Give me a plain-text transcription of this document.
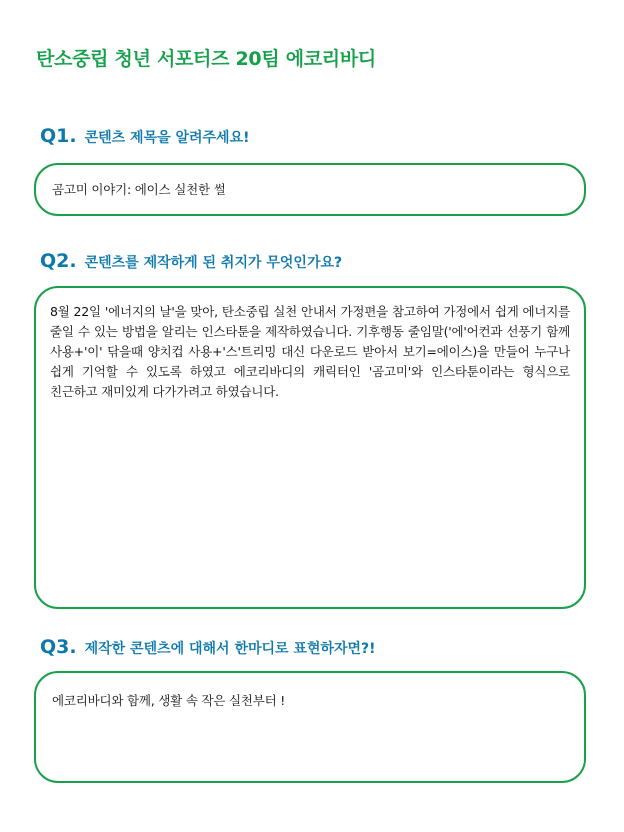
탄소중립 청년 서포터즈 20팀 에코리바디
Q1. 콘텐츠 제목을 알려주세요!
곰고미 이야기: 에이스 실천한 썰
Q2. 콘텐츠를 제작하게 된 취지가 무엇인가요?
8월 22일 '에너지의 날'을 맞아, 탄소중립 실천 안내서 가정편을 참고하여 가정에서 쉽게 에너지를 줄일 수 있는 방법을 알리는 인스타툰을 제작하였습니다. 기후행동 줄임말('에'어컨과 선풍기 함께 사용+'이' 닦을때 양치컵 사용+'스'트리밍 대신 다운로드 받아서 보기=에이스)을 만들어 누구나 쉽게 기억할 수 있도록 하였고 에코리바디의 캐릭터인 '곰고미'와 인스타툰이라는 형식으로 친근하고 재미있게 다가가려고 하였습니다.
Q3. 제작한 콘텐츠에 대해서 한마디로 표현하자면?!
에코리바디와 함께, 생활 속 작은 실천부터 !
